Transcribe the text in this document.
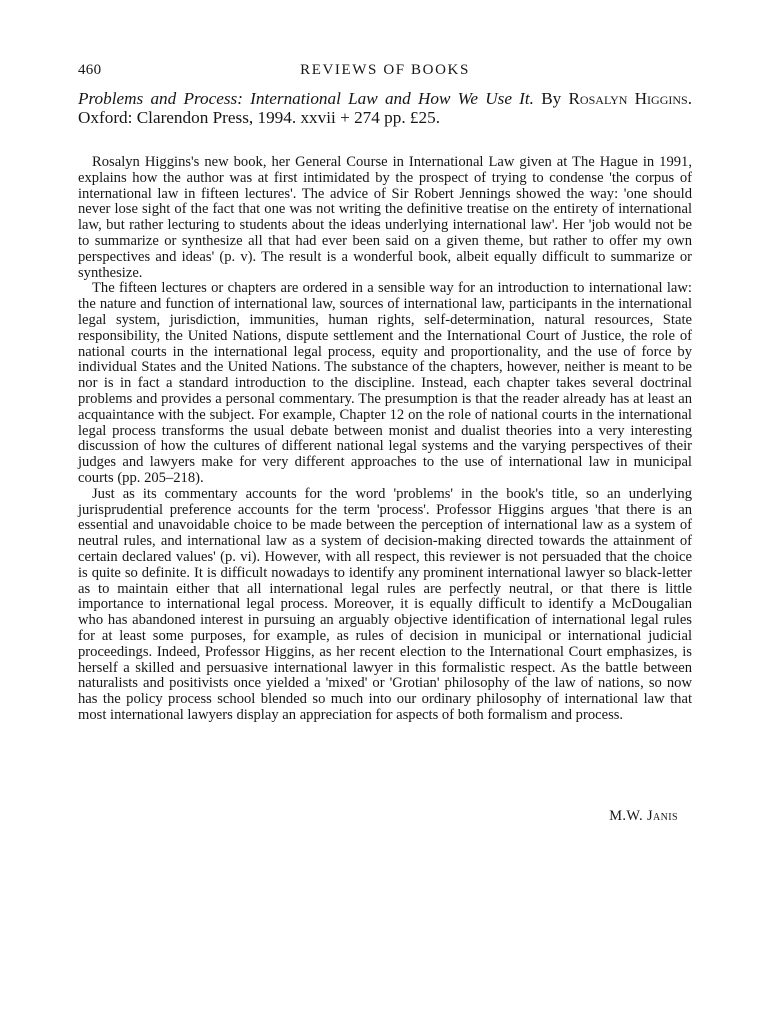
460	REVIEWS OF BOOKS
Problems and Process: International Law and How We Use It. By Rosalyn Higgins. Oxford: Clarendon Press, 1994. xxvii + 274 pp. £25.

Rosalyn Higgins's new book, her General Course in International Law given at The Hague in 1991, explains how the author was at first intimidated by the prospect of trying to condense 'the corpus of international law in fifteen lectures'. The advice of Sir Robert Jennings showed the way: 'one should never lose sight of the fact that one was not writing the definitive treatise on the entirety of international law, but rather lecturing to students about the ideas underlying international law'. Her 'job would not be to summarize or synthesize all that had ever been said on a given theme, but rather to offer my own perspectives and ideas' (p. v). The result is a wonderful book, albeit equally difficult to summarize or synthesize.

The fifteen lectures or chapters are ordered in a sensible way for an introduction to international law: the nature and function of international law, sources of international law, participants in the international legal system, jurisdiction, immunities, human rights, self-determination, natural resources, State responsibility, the United Nations, dispute settlement and the International Court of Justice, the role of national courts in the international legal process, equity and proportionality, and the use of force by individual States and the United Nations. The substance of the chapters, however, neither is meant to be nor is in fact a standard introduction to the discipline. Instead, each chapter takes several doctrinal problems and provides a personal commentary. The presumption is that the reader already has at least an acquaintance with the subject. For example, Chapter 12 on the role of national courts in the international legal process transforms the usual debate between monist and dualist theories into a very interesting discussion of how the cultures of different national legal systems and the varying perspectives of their judges and lawyers make for very different approaches to the use of international law in municipal courts (pp. 205–218).

Just as its commentary accounts for the word 'problems' in the book's title, so an underlying jurisprudential preference accounts for the term 'process'. Professor Higgins argues 'that there is an essential and unavoidable choice to be made between the perception of international law as a system of neutral rules, and international law as a system of decision-making directed towards the attainment of certain declared values' (p. vi). However, with all respect, this reviewer is not persuaded that the choice is quite so definite. It is difficult nowadays to identify any prominent international lawyer so black-letter as to maintain either that all international legal rules are perfectly neutral, or that there is little importance to international legal process. Moreover, it is equally difficult to identify a McDougalian who has abandoned interest in pursuing an arguably objective identification of international legal rules for at least some purposes, for example, as rules of decision in municipal or international judicial proceedings. Indeed, Professor Higgins, as her recent election to the International Court emphasizes, is herself a skilled and persuasive international lawyer in this formalistic respect. As the battle between naturalists and positivists once yielded a 'mixed' or 'Grotian' philosophy of the law of nations, so now has the policy process school blended so much into our ordinary philosophy of international law that most international lawyers display an appreciation for aspects of both formalism and process.

M.W. Janis
